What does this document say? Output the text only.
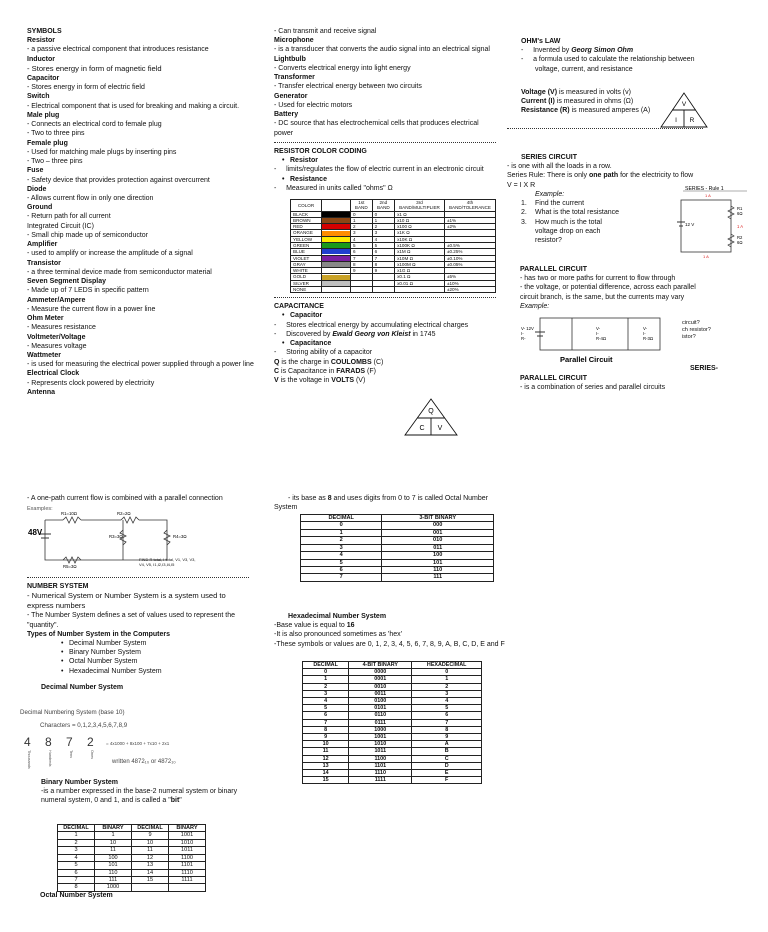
SYMBOLS

Resistor

- a passive electrical component that introduces resistance

Inductor

- Stores energy in form of magnetic field

Capacitor

- Stores energy in form of electric field

Switch

- Electrical component that is used for breaking and making a circuit.

Male plug

- Connects an electrical cord to female plug

- Two to three pins

Female plug

- Used for matching male plugs by inserting pins

- Two – three pins

Fuse

- Safety device that provides protection against overcurrent

Diode

- Allows current flow in only one direction

Ground

- Return path for all current

Integrated Circuit (IC)

- Small chip made up of semiconductor

Amplifier

- used to amplify or increase the amplitude of a signal

Transistor

- a three terminal device made from semiconductor material

Seven Segment Display

- Made up of 7 LEDS in specific pattern

Ammeter/Ampere

- Measure the current flow in a power line

Ohm Meter

- Measures resistance

Voltmeter/Voltage

- Measures voltage

Wattmeter

- is used for measuring the electrical power supplied through a power line

Electrical Clock

- Represents clock powered by electricity

Antenna

- Can transmit and receive signal

Microphone

- is a transducer that converts the audio signal into an electrical signal

Lightbulb

- Converts electrical energy into light energy

Transformer

- Transfer electrical energy between two circuits

Generator

- Used for electric motors

Battery

- DC source that has electrochemical cells that produces electrical power

RESISTOR COLOR CODING

• Resistor

-     limits/regulates the flow of electric current in an electronic circuit

• Resistance

-     Measured in units called "ohms" Ω

COLOR		1st BAND	2nd BAND	3rd BAND/MULTIPLIER	4th BAND/TOLERANCE
BLACK		0	0	x1 Ω	
BROWN		1	1	x10 Ω	±1%
RED		2	2	x100 Ω	±2%
ORANGE		3	3	x1K Ω	
YELLOW		4	4	x10K Ω	
GREEN		5	5	x100K Ω	±0.5%
BLUE		6	6	x1M Ω	±0.25%
VIOLET		7	7	x10M Ω	±0.10%
GRAY		8	8	x100M Ω	±0.05%
WHITE		9	9	x1G Ω	
GOLD				x0.1 Ω	±5%
SILVER				x0.01 Ω	±10%
NONE					±20%

CAPACITANCE

• Capacitor

-     Stores electrical energy by accumulating electrical charges

-     Discovered by Ewald Georg von Kleist in 1745

• Capacitance

-     Storing ability of a capacitor

Q is the charge in COULOMBS (C)

C is Capacitance in FARADS (F)

V is the voltage in VOLTS (V)

Q
C V

OHM's LAW

-     Invented by Georg Simon Ohm

-     a formula used to calculate the relationship between voltage, current, and resistance

Voltage (V) is measured in volts (v)

Current (I) is measured in ohms (Ω)

Resistance (R) is measured amperes (A)

V
I R

SERIES CIRCUIT

- is one with all the loads in a row.

Series Rule: There is only one path for the electricity to flow

V = I X R

Example:

1. Find the current

2. What is the total resistance

3. How much is the total voltage drop on each resistor?

SERIES - Rule 1
1 A
12 V
R1
6Ω
1 A
R2
6Ω
1 A

PARALLEL CIRCUIT

- has two or more paths for current to flow through

- the voltage, or potential difference, across each parallel circuit branch, is the same, but the currents may vary

Example:

V- 12V
I-
R-
V-
I-
R-4Ω
V-
I-
R-3Ω
Parallel Circuit

circuit?

ch resistor?

istor?

SERIES-

PARALLEL CIRCUIT

- is a combination of series and parallel circuits

- A one-path current flow is combined with a parallel connection

Examples:
48V
R1=10Ω	R2=2Ω
R3=3Ω	R4=3Ω
R5=3Ω
FIND R total, I total, V1, V3, V3, V4, V5, I1,I2,I3,I4,I5

NUMBER SYSTEM

- Numerical System or Number System is a system used to express numbers

- The Number System defines a set of values used to represent the "quantity".

Types of Number System in the Computers

• Decimal Number System

• Binary Number System

• Octal Number System

• Hexadecimal Number System

Decimal Number System

Decimal Numbering System (base 10)
Characters = 0,1,2,3,4,5,6,7,8,9
4 8 7 2
Thousands	Hundreds	Tens	Ones
= 4x1000 + 8x100 + 7x10 + 2x1
written 4872₁₀ or 4872₁₀

Binary Number System

-is a number expressed in the base-2 numeral system or binary numeral system, 0 and 1, and is called a "bit"

DECIMAL	BINARY	DECIMAL	BINARY
1	1	9	1001
2	10	10	1010
3	11	11	1011
4	100	12	1100
5	101	13	1101
6	110	14	1110
7	111	15	1111
8	1000		

Octal Number System

- its base as 8 and uses digits from 0 to 7 is called Octal Number System

DECIMAL	3-BIT BINARY
0	000
1	001
2	010
3	011
4	100
5	101
6	110
7	111

Hexadecimal Number System

-Base value is equal to 16

-It is also pronounced sometimes as 'hex'

-These symbols or values are 0, 1, 2, 3, 4, 5, 6, 7, 8, 9, A, B, C, D, E and F

DECIMAL	4-BIT BINARY	HEXADECIMAL
0	0000	0
1	0001	1
2	0010	2
3	0011	3
4	0100	4
5	0101	5
6	0110	6
7	0111	7
8	1000	8
9	1001	9
10	1010	A
11	1011	B
12	1100	C
13	1101	D
14	1110	E
15	1111	F
